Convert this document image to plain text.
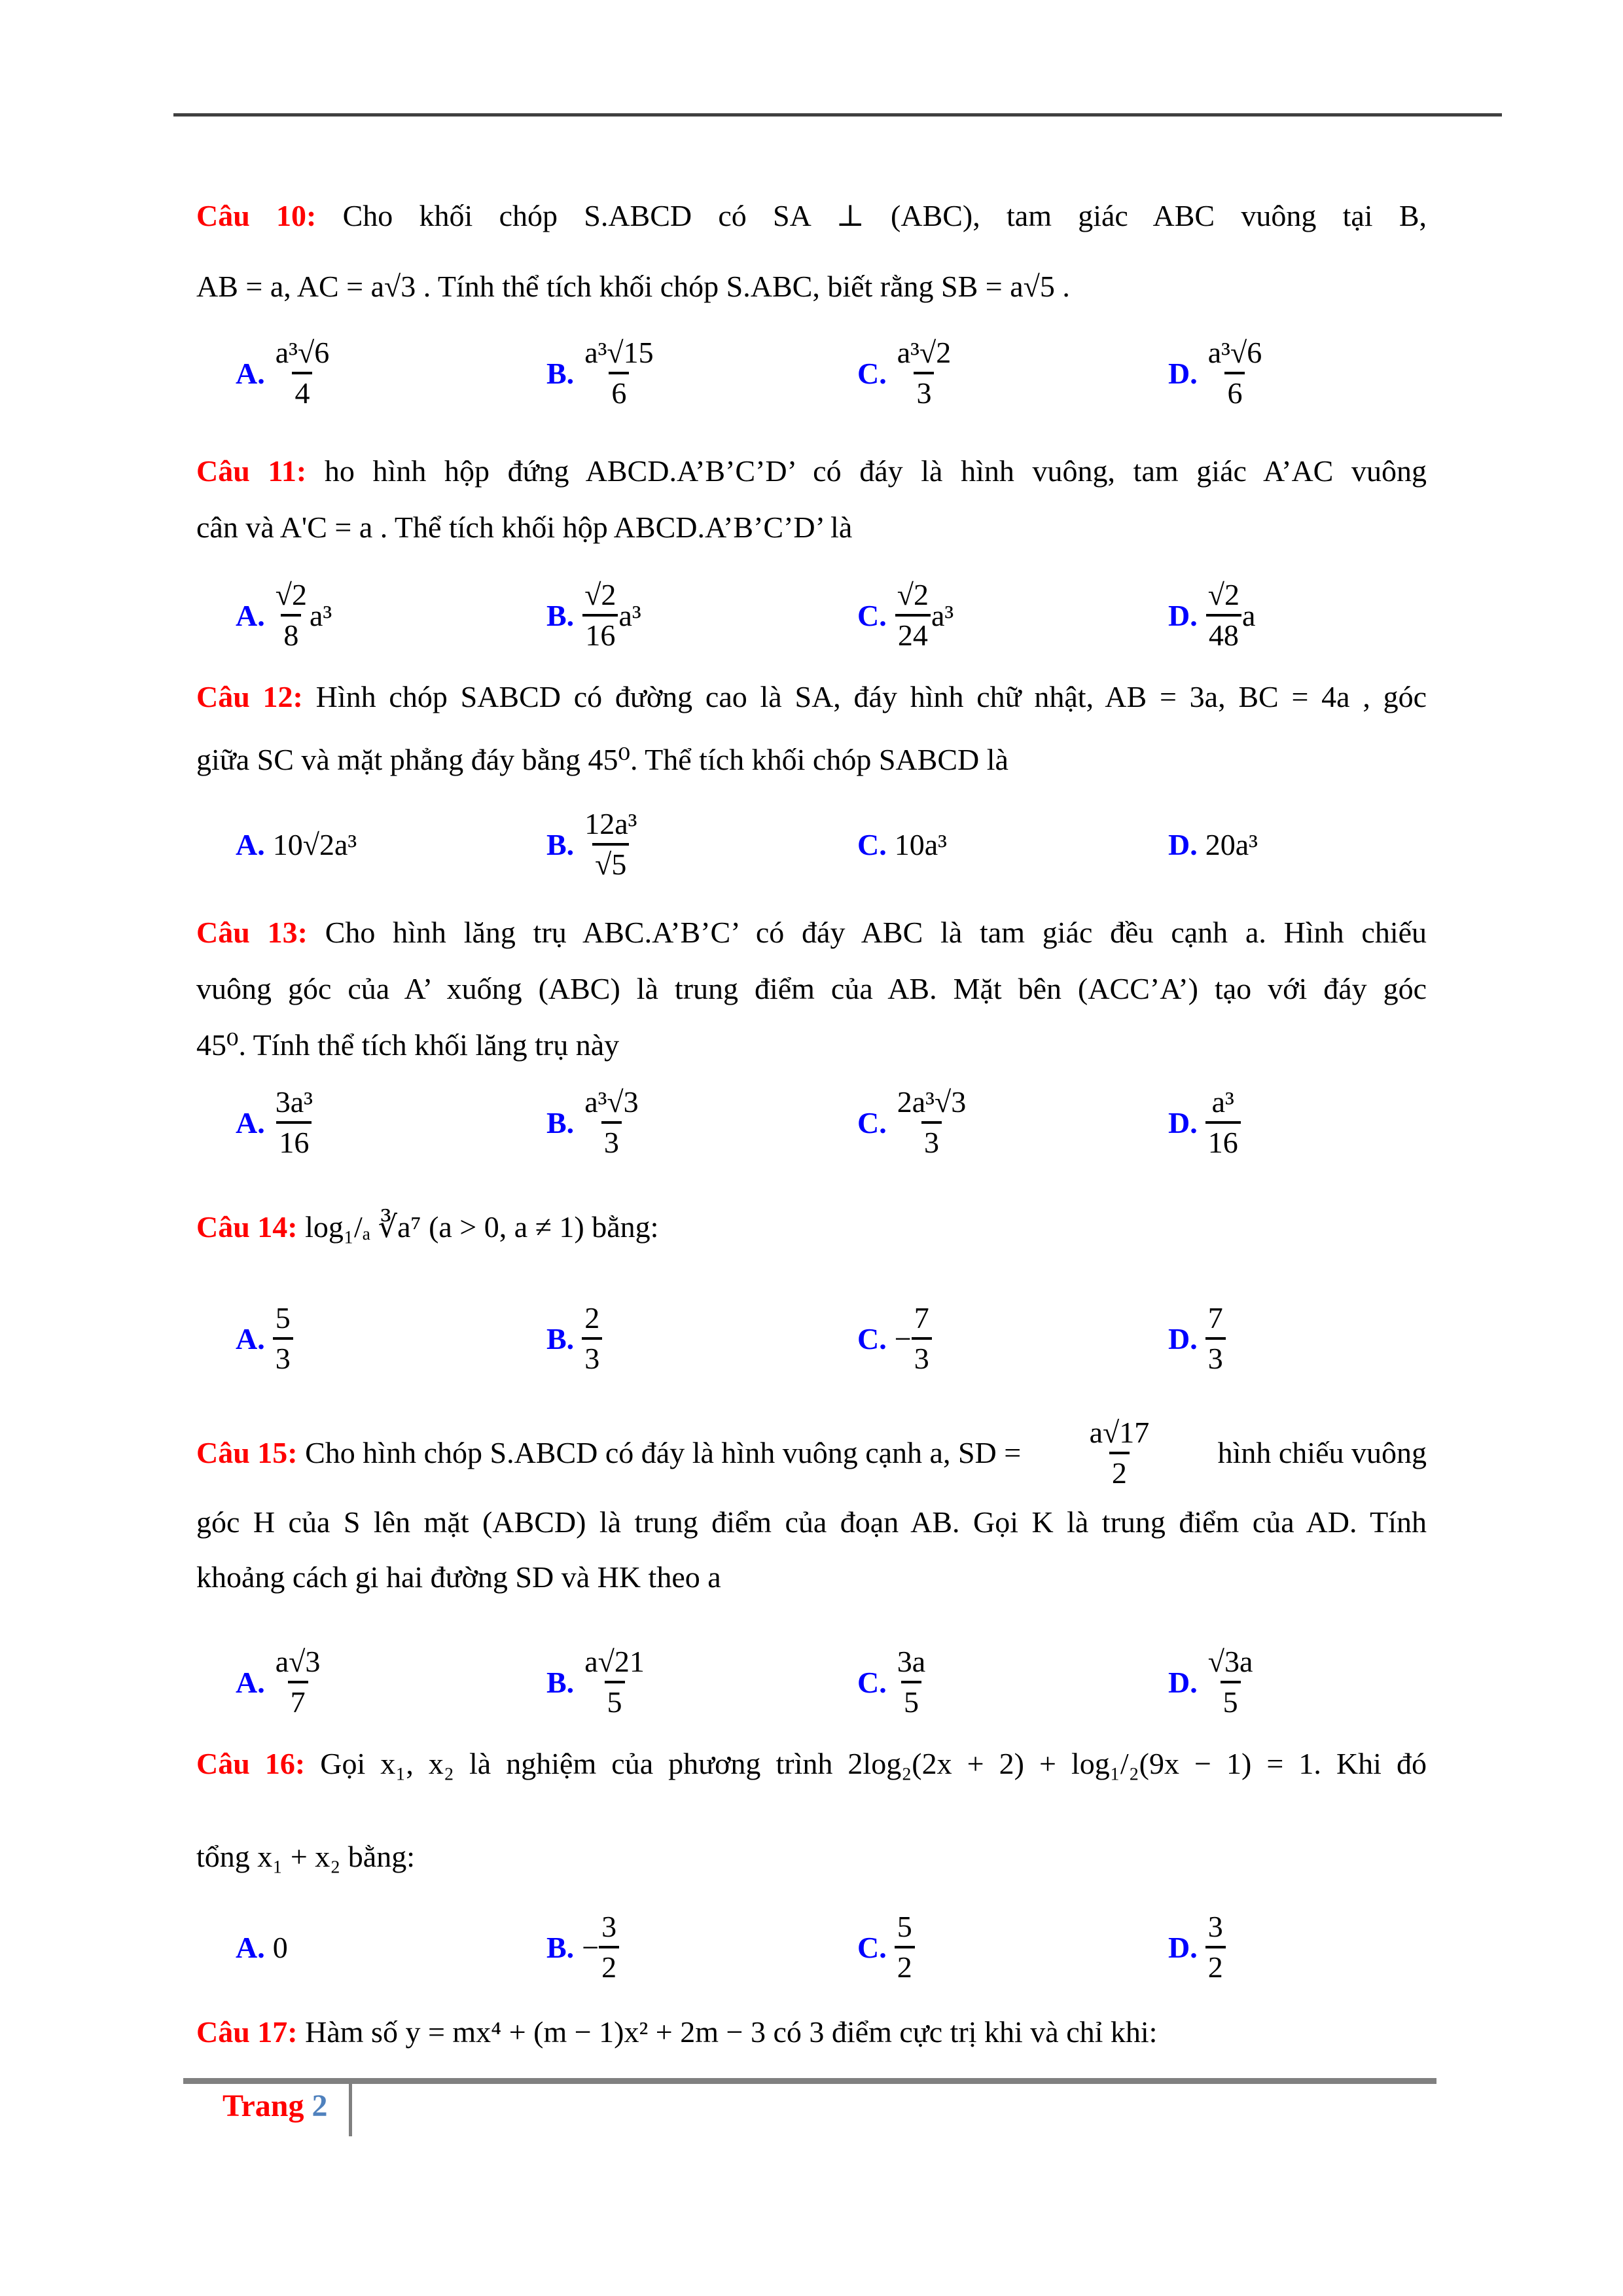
Câu 10: Cho khối chóp S.ABCD có SA ⊥ (ABC), tam giác ABC vuông tại B,
AB = a, AC = a√3 . Tính thể tích khối chóp S.ABC, biết rằng SB = a√5 .
A. $\frac{\text{a³√6}}{4}$	B. $\frac{\text{a³√15}}{6}$	C. $\frac{\text{a³√2}}{3}$	D. $\frac{\text{a³√6}}{6}$
Câu 11: ho hình hộp đứng ABCD.A’B’C’D’ có đáy là hình vuông, tam giác A’AC vuông
cân và A'C = a . Thể tích khối hộp ABCD.A’B’C’D’ là
A. $\frac{√2}{8} a^3$	B. $\frac{√2}{16} a^3$	C. $\frac{√2}{24} a^3$	D. $\frac{√2}{48}$ a
Câu 12: Hình chóp SABCD có đường cao là SA, đáy hình chữ nhật, AB = 3a, BC = 4a , góc
giữa SC và mặt phẳng đáy bằng 45⁰. Thể tích khối chóp SABCD là
A. 10√2a³	B. $\frac{\text{12a³}}{√5}$	C. 10a³	D. 20a³
Câu 13: Cho hình lăng trụ ABC.A’B’C’ có đáy ABC là tam giác đều cạnh a. Hình chiếu
vuông góc của A’ xuống (ABC) là trung điểm của AB. Mặt bên (ACC’A’) tạo với đáy góc
45⁰. Tính thể tích khối lăng trụ này
A. $\frac{\text{3a³}}{16}$	B. $\frac{\text{a³√3}}{3}$	C. $\frac{\text{2a³√3}}{3}$	D. $\frac{\text{a³}}{16}$
Câu 14: log₁/ₐ ∛a⁷ (a > 0, a ≠ 1) bằng:
A. $\frac{5}{3}$	B. $\frac{2}{3}$	C. − $\frac{7}{3}$	D. $\frac{7}{3}$
Câu 15: Cho hình chóp S.ABCD có đáy là hình vuông cạnh a, SD = $\frac{a√17}{2}$ hình chiếu vuông
góc H của S lên mặt (ABCD) là trung điểm của đoạn AB. Gọi K là trung điểm của AD. Tính
khoảng cách gi hai đường SD và HK theo a
A. $\frac{a√3}{7}$	B. $\frac{a√21}{5}$	C. $\frac{3a}{5}$	D. $\frac{√3a}{5}$
Câu 16: Gọi x₁, x₂ là nghiệm của phương trình 2log₂(2x + 2) + log₁/₂(9x − 1) = 1. Khi đó
tổng x₁ + x₂ bằng:
A. 0	B. − $\frac{3}{2}$	C. $\frac{5}{2}$	D. $\frac{3}{2}$
Câu 17: Hàm số y = mx⁴ + (m − 1)x² + 2m − 3 có 3 điểm cực trị khi và chỉ khi:
Trang 2
